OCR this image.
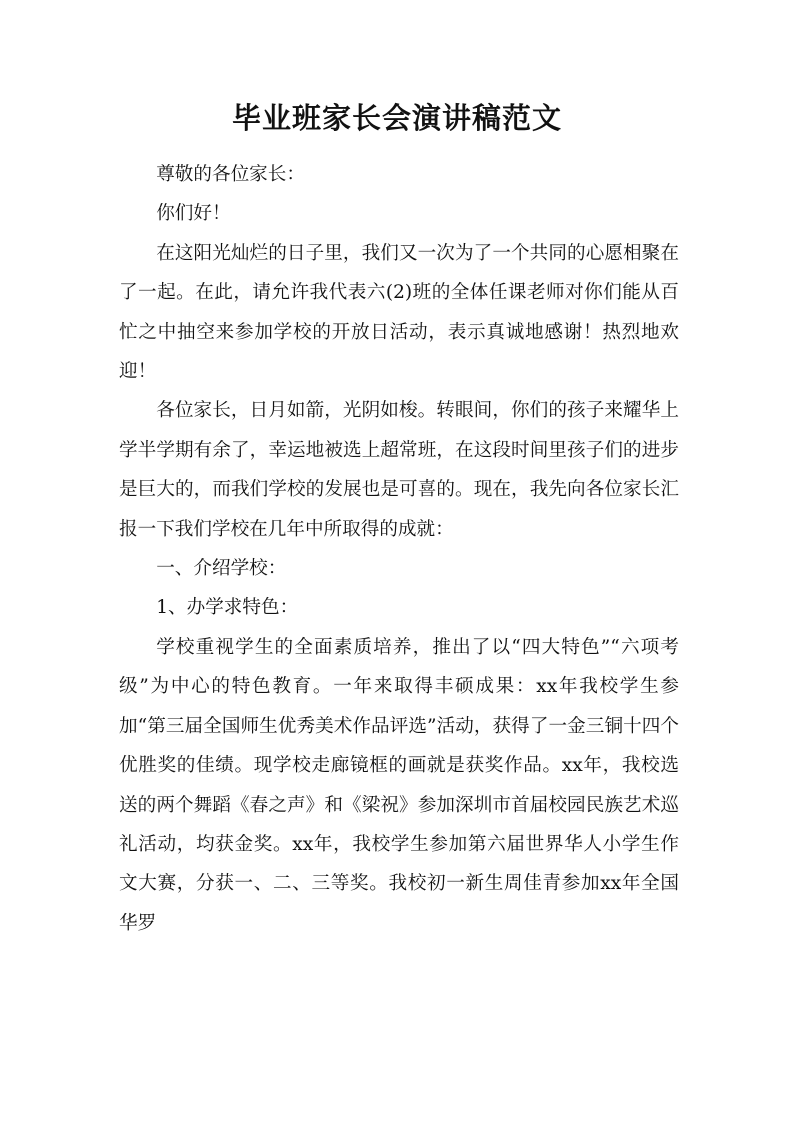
毕业班家长会演讲稿范文

尊敬的各位家长：

你们好！

在这阳光灿烂的日子里，我们又一次为了一个共同的心愿相聚在了一起。在此，请允许我代表六(2)班的全体任课老师对你们能从百忙之中抽空来参加学校的开放日活动，表示真诚地感谢！热烈地欢迎！

各位家长，日月如箭，光阴如梭。转眼间，你们的孩子来耀华上学半学期有余了，幸运地被选上超常班，在这段时间里孩子们的进步是巨大的，而我们学校的发展也是可喜的。现在，我先向各位家长汇报一下我们学校在几年中所取得的成就：

一、介绍学校：

1、办学求特色：

学校重视学生的全面素质培养，推出了以“四大特色”“六项考级”为中心的特色教育。一年来取得丰硕成果：xx年我校学生参加“第三届全国师生优秀美术作品评选”活动，获得了一金三铜十四个优胜奖的佳绩。现学校走廊镜框的画就是获奖作品。xx年，我校选送的两个舞蹈《春之声》和《梁祝》参加深圳市首届校园民族艺术巡礼活动，均获金奖。xx年，我校学生参加第六届世界华人小学生作文大赛，分获一、二、三等奖。我校初一新生周佳青参加xx年全国华罗
